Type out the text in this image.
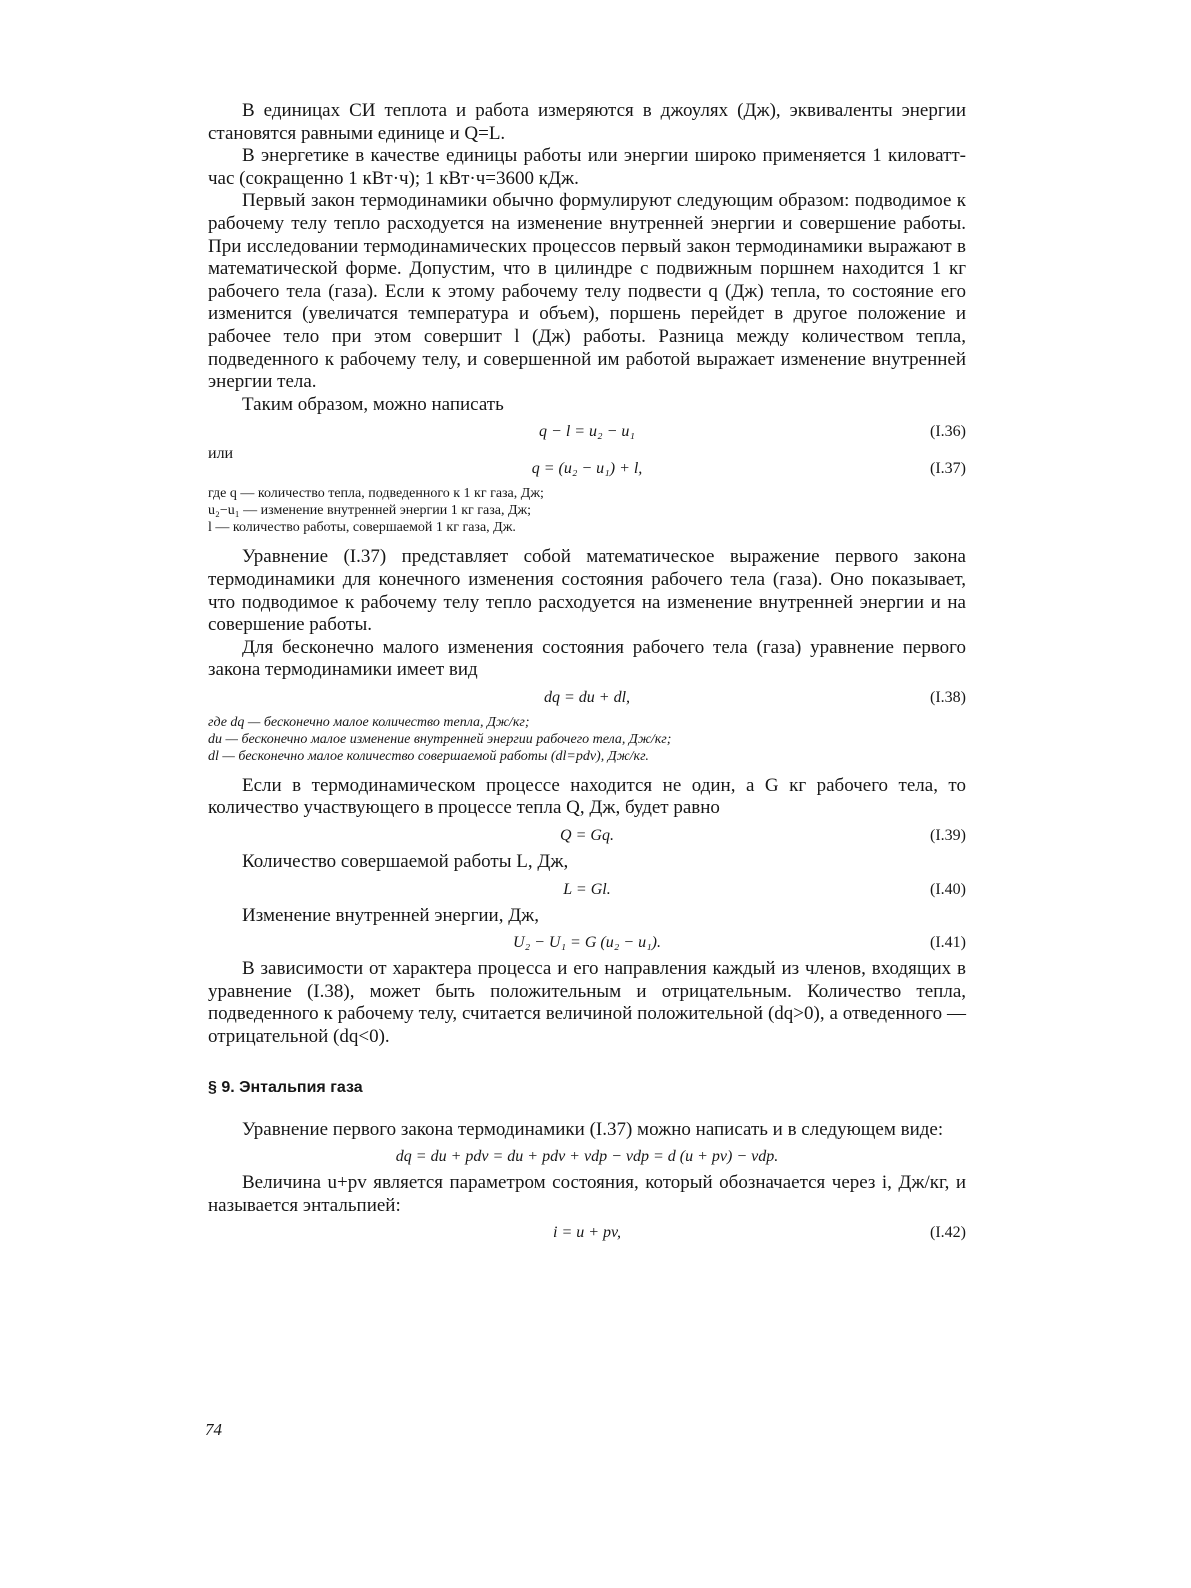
В единицах СИ теплота и работа измеряются в джоулях (Дж), эквиваленты энергии становятся равными единице и Q=L.

В энергетике в качестве единицы работы или энергии широко применяется 1 киловатт-час (сокращенно 1 кВт·ч); 1 кВт·ч=3600 кДж.

Первый закон термодинамики обычно формулируют следующим образом: подводимое к рабочему телу тепло расходуется на изменение внутренней энергии и совершение работы. При исследовании термодинамических процессов первый закон термодинамики выражают в математической форме. Допустим, что в цилиндре с подвижным поршнем находится 1 кг рабочего тела (газа). Если к этому рабочему телу подвести q (Дж) тепла, то состояние его изменится (увеличатся температура и объем), поршень перейдет в другое положение и рабочее тело при этом совершит l (Дж) работы. Разница между количеством тепла, подведенного к рабочему телу, и совершенной им работой выражает изменение внутренней энергии тела.

Таким образом, можно написать

q − l = u₂ − u₁	(I.36)
или
q = (u₂ − u₁) + l,	(I.37)
где q — количество тепла, подведенного к 1 кг газа, Дж;
u₂−u₁ — изменение внутренней энергии 1 кг газа, Дж;
l — количество работы, совершаемой 1 кг газа, Дж.

Уравнение (I.37) представляет собой математическое выражение первого закона термодинамики для конечного изменения состояния рабочего тела (газа). Оно показывает, что подводимое к рабочему телу тепло расходуется на изменение внутренней энергии и на совершение работы.

Для бесконечно малого изменения состояния рабочего тела (газа) уравнение первого закона термодинамики имеет вид

dq = du + dl,	(I.38)
где dq — бесконечно малое количество тепла, Дж/кг;
du — бесконечно малое изменение внутренней энергии рабочего тела, Дж/кг;
dl — бесконечно малое количество совершаемой работы (dl=pdv), Дж/кг.

Если в термодинамическом процессе находится не один, а G кг рабочего тела, то количество участвующего в процессе тепла Q, Дж, будет равно

Q = Gq.	(I.39)

Количество совершаемой работы L, Дж,

L = Gl.	(I.40)

Изменение внутренней энергии, Дж,

U₂ − U₁ = G (u₂ − u₁).	(I.41)

В зависимости от характера процесса и его направления каждый из членов, входящих в уравнение (I.38), может быть положительным и отрицательным. Количество тепла, подведенного к рабочему телу, считается величиной положительной (dq>0), а отведенного — отрицательной (dq<0).

§ 9. Энтальпия газа

Уравнение первого закона термодинамики (I.37) можно написать и в следующем виде:

dq = du + pdv = du + pdv + vdp − vdp = d (u + pv) − vdp.

Величина u+pv является параметром состояния, который обозначается через i, Дж/кг, и называется энтальпией:

i = u + pv,	(I.42)
74
